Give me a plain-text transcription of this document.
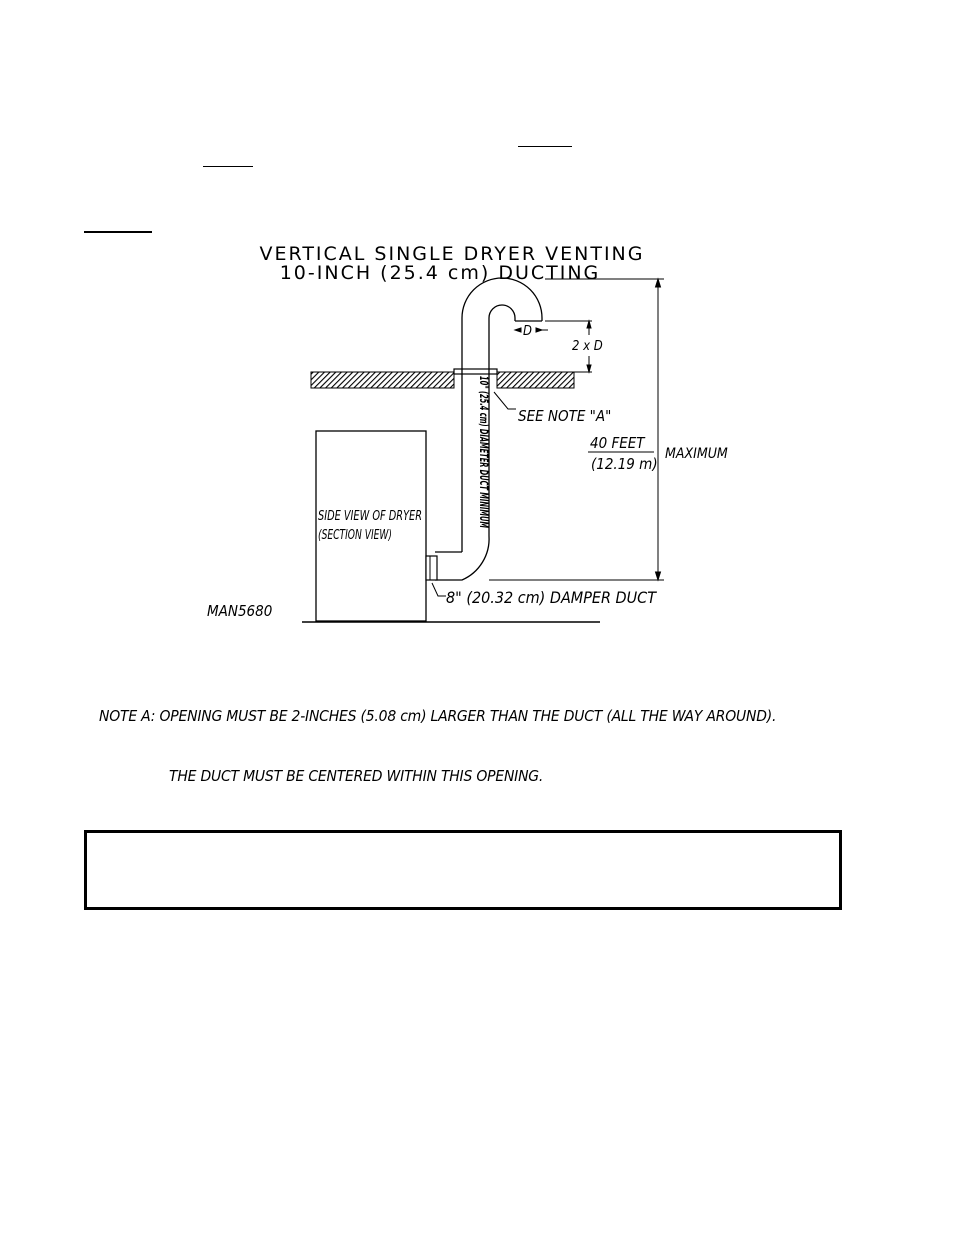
VERTICAL SINGLE DRYER VENTING
10-INCH (25.4 cm) DUCTING
D
2 x D
40 FEET
(12.19 m)
MAXIMUM
SEE NOTE "A"
10" (25.4 cm) DIAMETER DUCT MINIMUM
SIDE VIEW OF DRYER
(SECTION VIEW)
8" (20.32 cm) DAMPER DUCT
MAN5680

NOTE A: OPENING MUST BE 2-INCHES (5.08 cm) LARGER THAN THE DUCT (ALL THE WAY AROUND).

THE DUCT MUST BE CENTERED WITHIN THIS OPENING.
